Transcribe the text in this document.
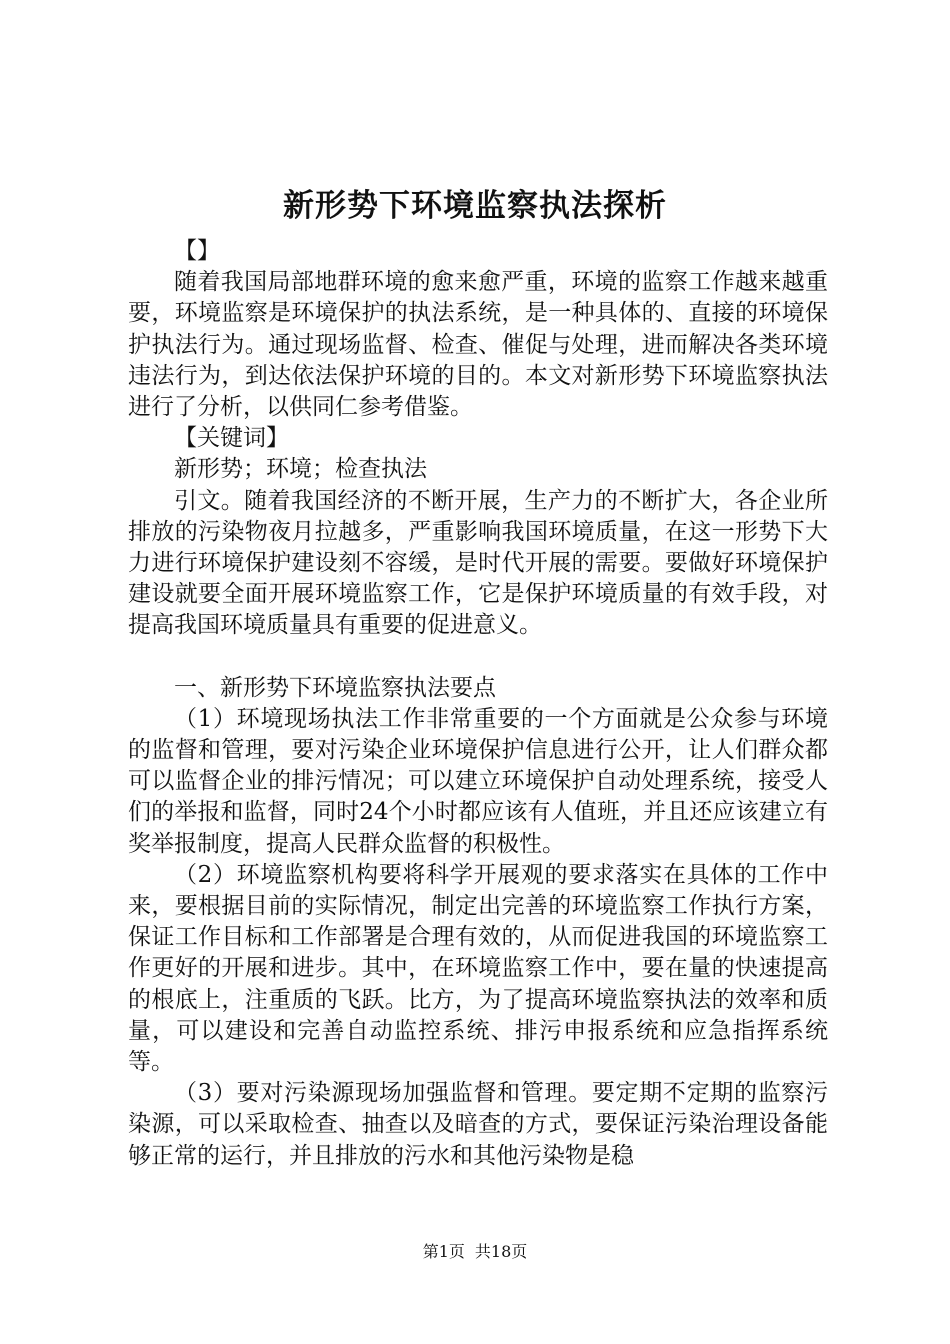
新形势下环境监察执法探析

【】

随着我国局部地群环境的愈来愈严重，环境的监察工作越来越重要，环境监察是环境保护的执法系统，是一种具体的、直接的环境保护执法行为。通过现场监督、检查、催促与处理，进而解决各类环境违法行为，到达依法保护环境的目的。本文对新形势下环境监察执法进行了分析，以供同仁参考借鉴。

【关键词】

新形势；环境；检查执法

引文。随着我国经济的不断开展，生产力的不断扩大，各企业所排放的污染物夜月拉越多，严重影响我国环境质量，在这一形势下大力进行环境保护建设刻不容缓，是时代开展的需要。要做好环境保护建设就要全面开展环境监察工作，它是保护环境质量的有效手段，对提高我国环境质量具有重要的促进意义。

一、新形势下环境监察执法要点

（1）环境现场执法工作非常重要的一个方面就是公众参与环境的监督和管理，要对污染企业环境保护信息进行公开，让人们群众都可以监督企业的排污情况；可以建立环境保护自动处理系统，接受人们的举报和监督，同时24个小时都应该有人值班，并且还应该建立有奖举报制度，提高人民群众监督的积极性。

（2）环境监察机构要将科学开展观的要求落实在具体的工作中来，要根据目前的实际情况，制定出完善的环境监察工作执行方案，保证工作目标和工作部署是合理有效的，从而促进我国的环境监察工作更好的开展和进步。其中，在环境监察工作中，要在量的快速提高的根底上，注重质的飞跃。比方，为了提高环境监察执法的效率和质量，可以建设和完善自动监控系统、排污申报系统和应急指挥系统等。

（3）要对污染源现场加强监督和管理。要定期不定期的监察污染源，可以采取检查、抽查以及暗查的方式，要保证污染治理设备能够正常的运行，并且排放的污水和其他污染物是稳

第1页 共18页
